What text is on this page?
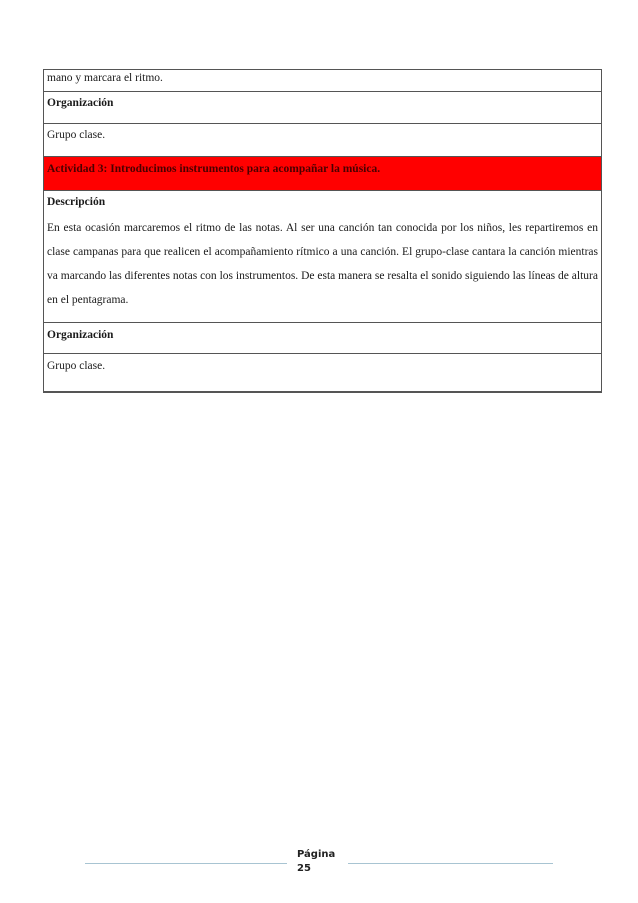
mano y marcara el ritmo.
Organización
Grupo clase.
Actividad 3: Introducimos instrumentos para acompañar la música.
Descripción
En esta ocasión marcaremos el ritmo de las notas. Al ser una canción tan conocida por los niños, les repartiremos en clase campanas para que realicen el acompañamiento rítmico a una canción. El grupo-clase cantara la canción mientras va marcando las diferentes notas con los instrumentos. De esta manera se resalta el sonido siguiendo las líneas de altura en el pentagrama.
Organización
Grupo clase.
Página
25
